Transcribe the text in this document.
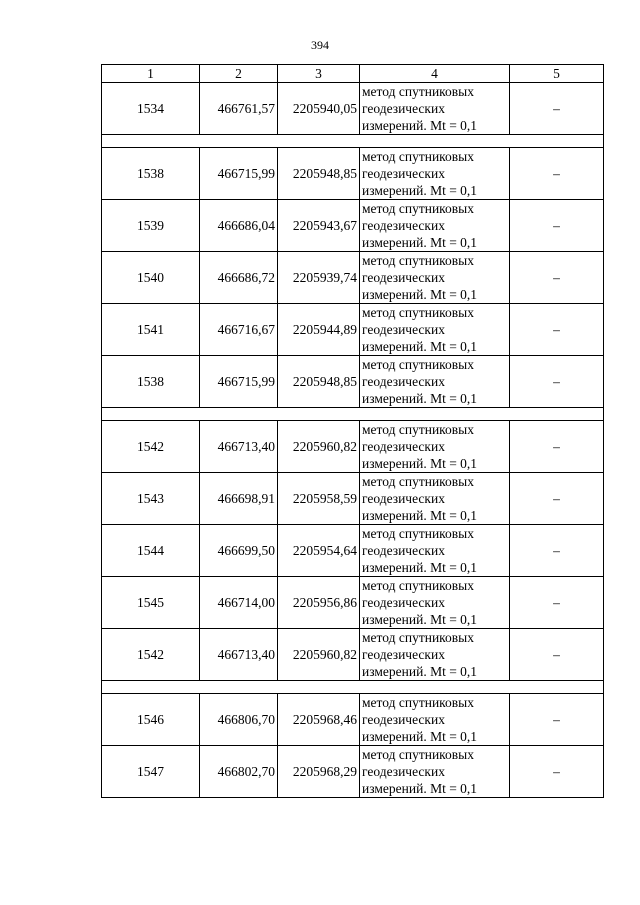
394
1	2	3	4	5
1534	466761,57	2205940,05	метод спутниковых
геодезических
измерений. Mt = 0,1	–

1538	466715,99	2205948,85	метод спутниковых
геодезических
измерений. Mt = 0,1	–
1539	466686,04	2205943,67	метод спутниковых
геодезических
измерений. Mt = 0,1	–
1540	466686,72	2205939,74	метод спутниковых
геодезических
измерений. Mt = 0,1	–
1541	466716,67	2205944,89	метод спутниковых
геодезических
измерений. Mt = 0,1	–
1538	466715,99	2205948,85	метод спутниковых
геодезических
измерений. Mt = 0,1	–

1542	466713,40	2205960,82	метод спутниковых
геодезических
измерений. Mt = 0,1	–
1543	466698,91	2205958,59	метод спутниковых
геодезических
измерений. Mt = 0,1	–
1544	466699,50	2205954,64	метод спутниковых
геодезических
измерений. Mt = 0,1	–
1545	466714,00	2205956,86	метод спутниковых
геодезических
измерений. Mt = 0,1	–
1542	466713,40	2205960,82	метод спутниковых
геодезических
измерений. Mt = 0,1	–

1546	466806,70	2205968,46	метод спутниковых
геодезических
измерений. Mt = 0,1	–
1547	466802,70	2205968,29	метод спутниковых
геодезических
измерений. Mt = 0,1	–
